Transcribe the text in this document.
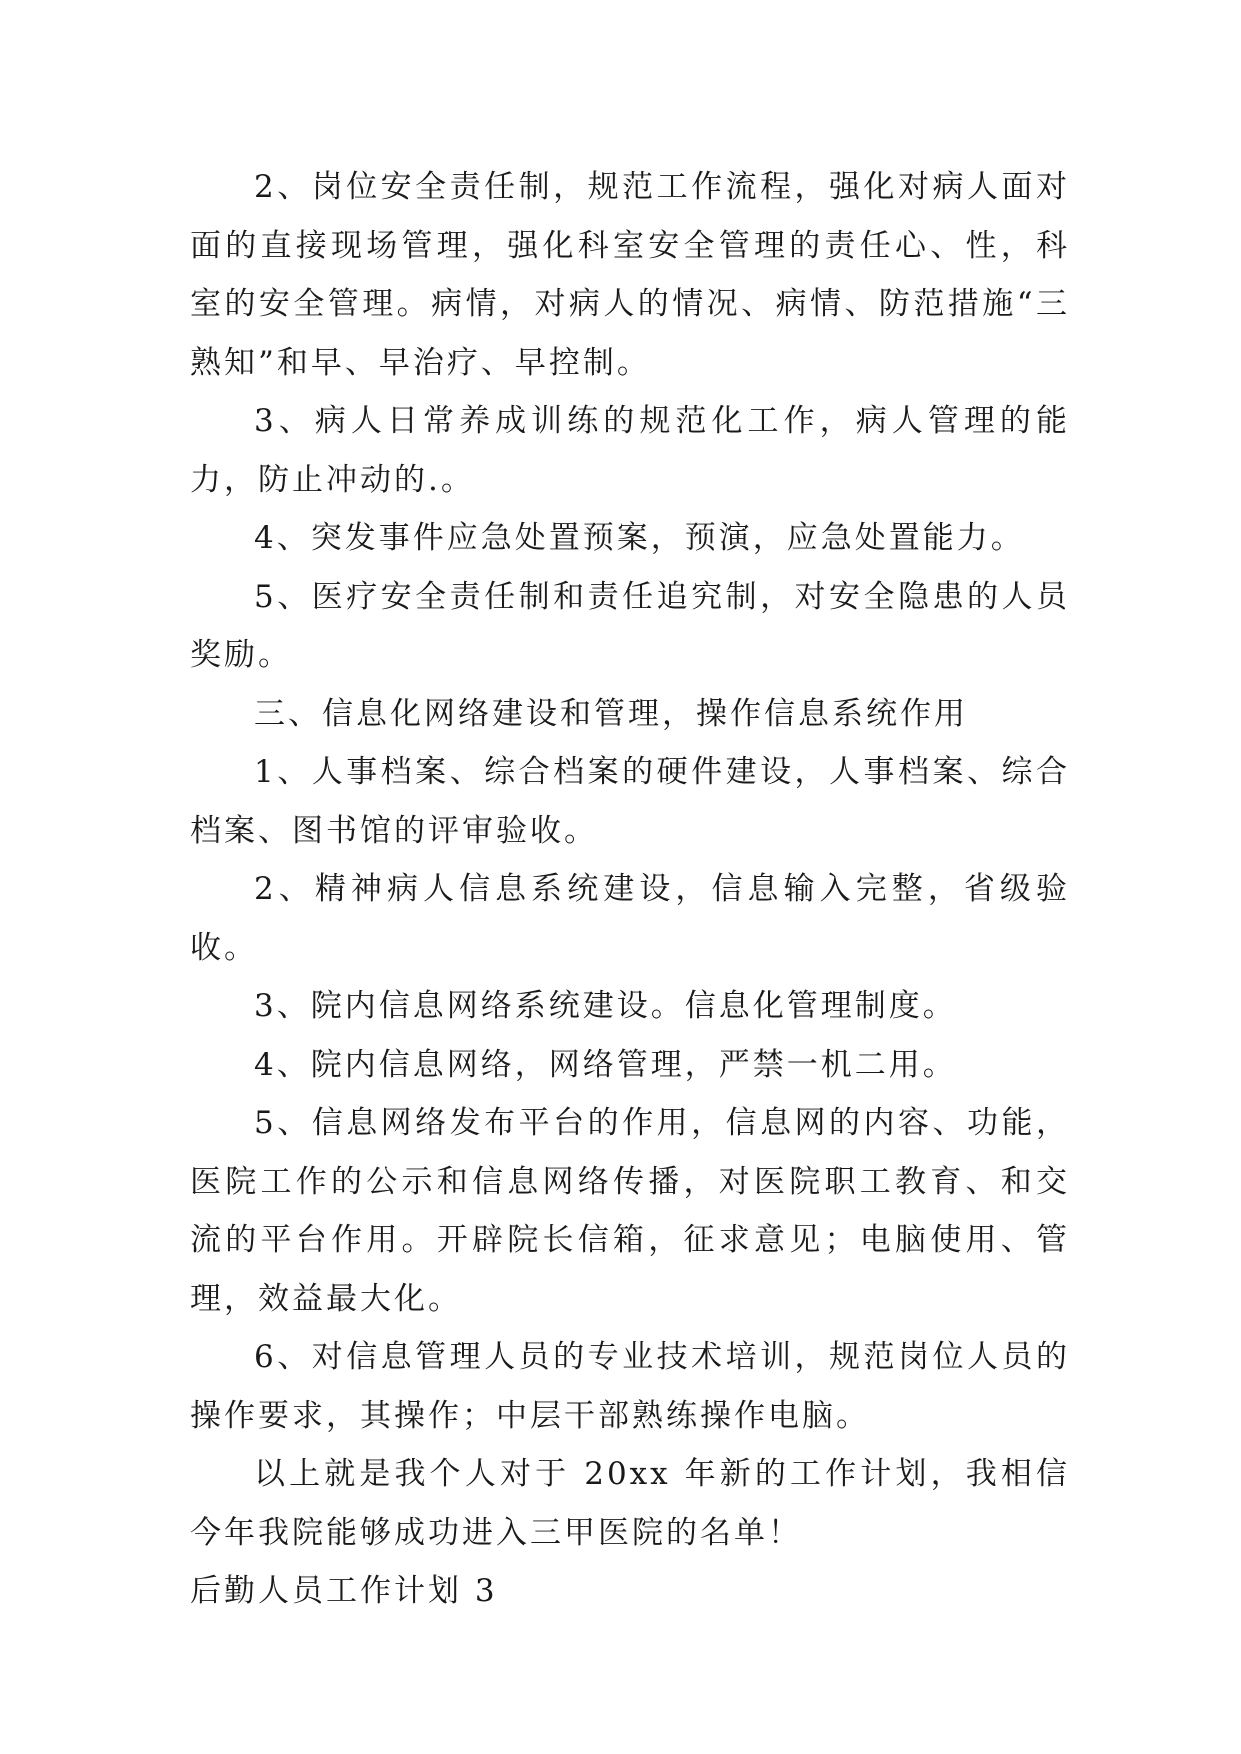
2、岗位安全责任制，规范工作流程，强化对病人面对面的直接现场管理，强化科室安全管理的责任心、性，科室的安全管理。病情，对病人的情况、病情、防范措施“三熟知”和早、早治疗、早控制。

3、病人日常养成训练的规范化工作，病人管理的能力，防止冲动的.。

4、突发事件应急处置预案，预演，应急处置能力。

5、医疗安全责任制和责任追究制，对安全隐患的人员奖励。

三、信息化网络建设和管理，操作信息系统作用

1、人事档案、综合档案的硬件建设，人事档案、综合档案、图书馆的评审验收。

2、精神病人信息系统建设，信息输入完整，省级验收。

3、院内信息网络系统建设。信息化管理制度。

4、院内信息网络，网络管理，严禁一机二用。

5、信息网络发布平台的作用，信息网的内容、功能，医院工作的公示和信息网络传播，对医院职工教育、和交流的平台作用。开辟院长信箱，征求意见；电脑使用、管理，效益最大化。

6、对信息管理人员的专业技术培训，规范岗位人员的操作要求，其操作；中层干部熟练操作电脑。

以上就是我个人对于 20xx 年新的工作计划，我相信今年我院能够成功进入三甲医院的名单！

后勤人员工作计划 3
